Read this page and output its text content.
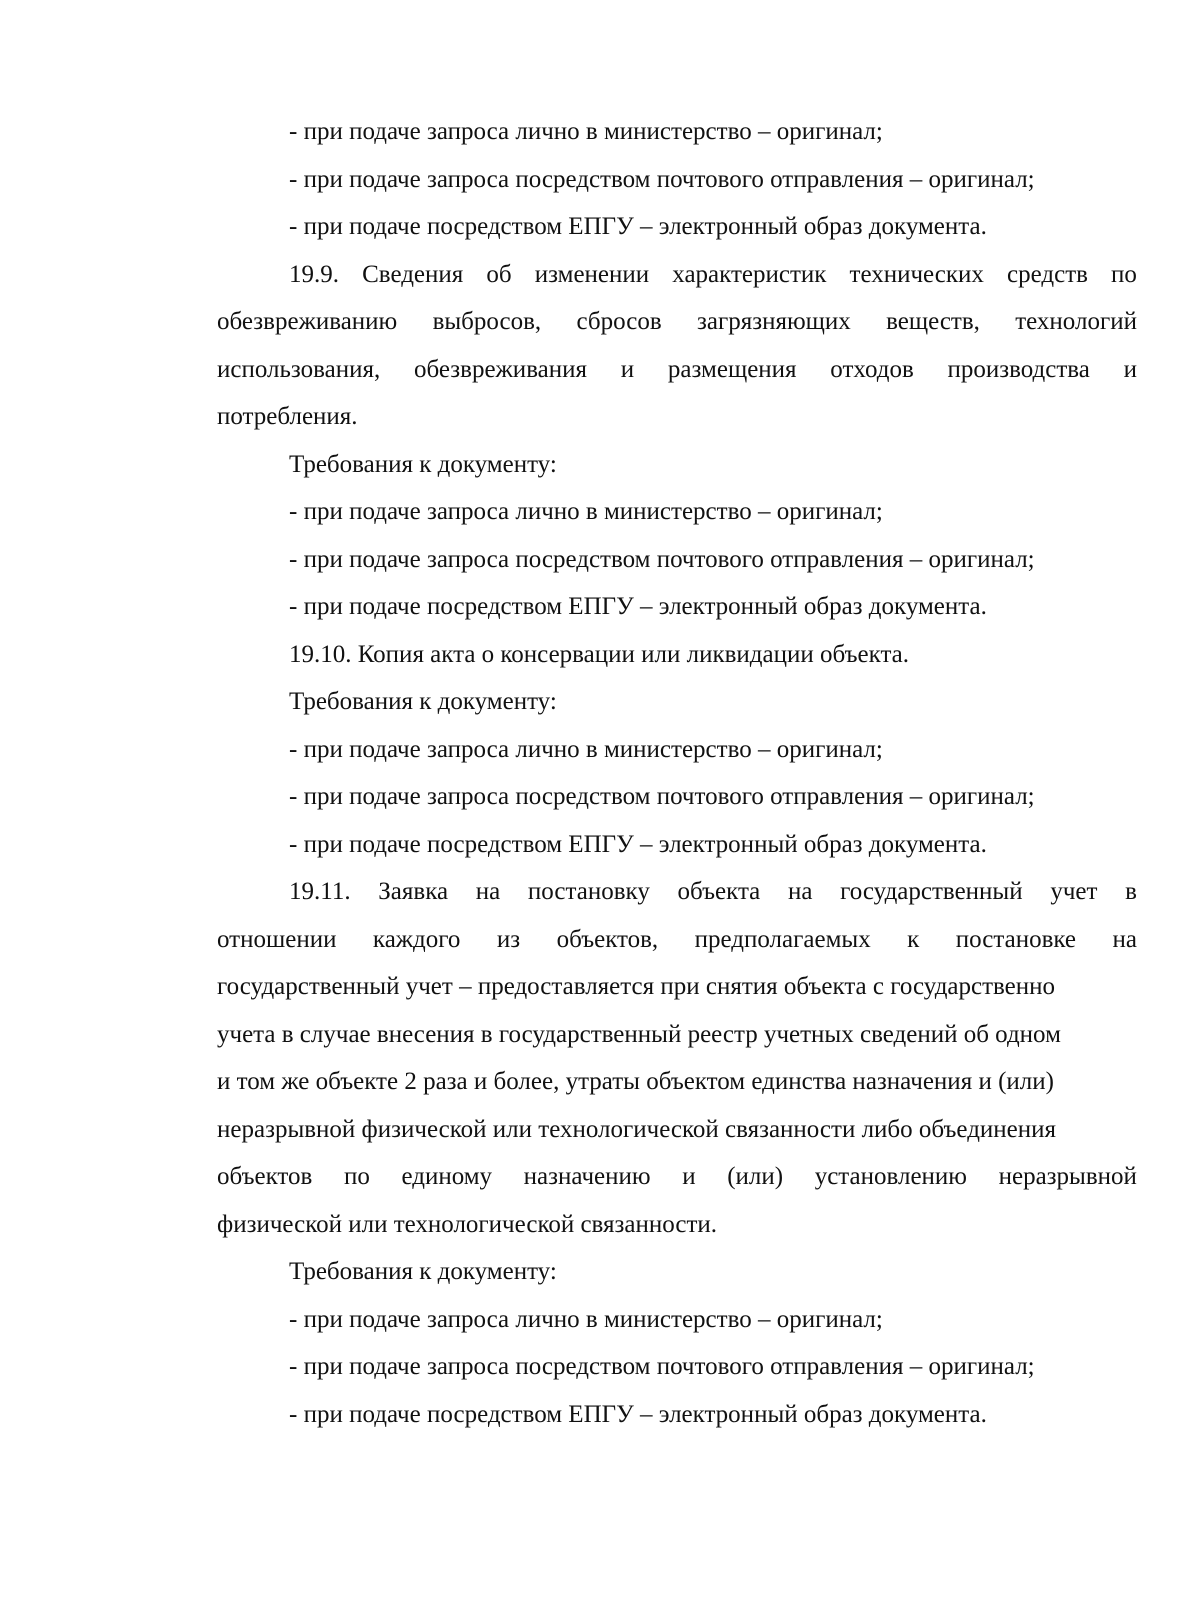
- при подаче запроса лично в министерство – оригинал;
- при подаче запроса посредством почтового отправления – оригинал;
- при подаче посредством ЕПГУ – электронный образ документа.
19.9. Сведения об изменении характеристик технических средств по
обезвреживанию выбросов, сбросов загрязняющих веществ, технологий
использования, обезвреживания и размещения отходов производства и
потребления.
Требования к документу:
- при подаче запроса лично в министерство – оригинал;
- при подаче запроса посредством почтового отправления – оригинал;
- при подаче посредством ЕПГУ – электронный образ документа.
19.10. Копия акта о консервации или ликвидации объекта.
Требования к документу:
- при подаче запроса лично в министерство – оригинал;
- при подаче запроса посредством почтового отправления – оригинал;
- при подаче посредством ЕПГУ – электронный образ документа.
19.11. Заявка на постановку объекта на государственный учет в
отношении каждого из объектов, предполагаемых к постановке на
государственный учет – предоставляется при снятия объекта с государственно
учета в случае внесения в государственный реестр учетных сведений об одном
и том же объекте 2 раза и более, утраты объектом единства назначения и (или)
неразрывной физической или технологической связанности либо объединения
объектов по единому назначению и (или) установлению неразрывной
физической или технологической связанности.
Требования к документу:
- при подаче запроса лично в министерство – оригинал;
- при подаче запроса посредством почтового отправления – оригинал;
- при подаче посредством ЕПГУ – электронный образ документа.
